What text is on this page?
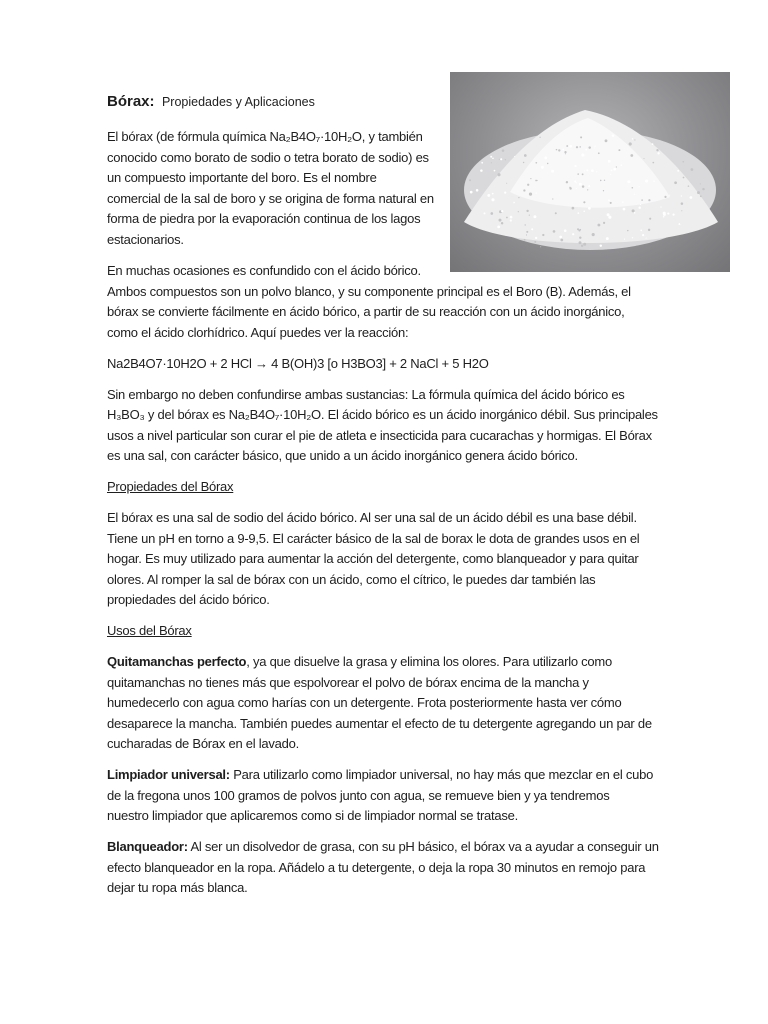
Bórax: Propiedades y Aplicaciones

El bórax (de fórmula química Na₂B4O₇·10H₂O, y también
conocido como borato de sodio o tetra borato de sodio) es
un compuesto importante del boro. Es el nombre
comercial de la sal de boro y se origina de forma natural en
forma de piedra por la evaporación continua de los lagos
estacionarios.

En muchas ocasiones es confundido con el ácido bórico.
Ambos compuestos son un polvo blanco, y su componente principal es el Boro (B). Además, el
bórax se convierte fácilmente en ácido bórico, a partir de su reacción con un ácido inorgánico,
como el ácido clorhídrico. Aquí puedes ver la reacción:

Na2B4O7·10H2O + 2 HCl → 4 B(OH)3 [o H3BO3] + 2 NaCl + 5 H2O

Sin embargo no deben confundirse ambas sustancias: La fórmula química del ácido bórico es
H₃BO₃ y del bórax es Na₂B4O₇·10H₂O. El ácido bórico es un ácido inorgánico débil. Sus principales
usos a nivel particular son curar el pie de atleta e insecticida para cucarachas y hormigas. El Bórax
es una sal, con carácter básico, que unido a un ácido inorgánico genera ácido bórico.

Propiedades del Bórax

El bórax es una sal de sodio del ácido bórico. Al ser una sal de un ácido débil es una base débil.
Tiene un pH en torno a 9-9,5. El carácter básico de la sal de borax le dota de grandes usos en el
hogar. Es muy utilizado para aumentar la acción del detergente, como blanqueador y para quitar
olores. Al romper la sal de bórax con un ácido, como el cítrico, le puedes dar también las
propiedades del ácido bórico.

Usos del Bórax

Quitamanchas perfecto, ya que disuelve la grasa y elimina los olores. Para utilizarlo como
quitamanchas no tienes más que espolvorear el polvo de bórax encima de la mancha y
humedecerlo con agua como harías con un detergente. Frota posteriormente hasta ver cómo
desaparece la mancha. También puedes aumentar el efecto de tu detergente agregando un par de
cucharadas de Bórax en el lavado.

Limpiador universal: Para utilizarlo como limpiador universal, no hay más que mezclar en el cubo
de la fregona unos 100 gramos de polvos junto con agua, se remueve bien y ya tendremos
nuestro limpiador que aplicaremos como si de limpiador normal se tratase.

Blanqueador: Al ser un disolvedor de grasa, con su pH básico, el bórax va a ayudar a conseguir un
efecto blanqueador en la ropa. Añádelo a tu detergente, o deja la ropa 30 minutos en remojo para
dejar tu ropa más blanca.
